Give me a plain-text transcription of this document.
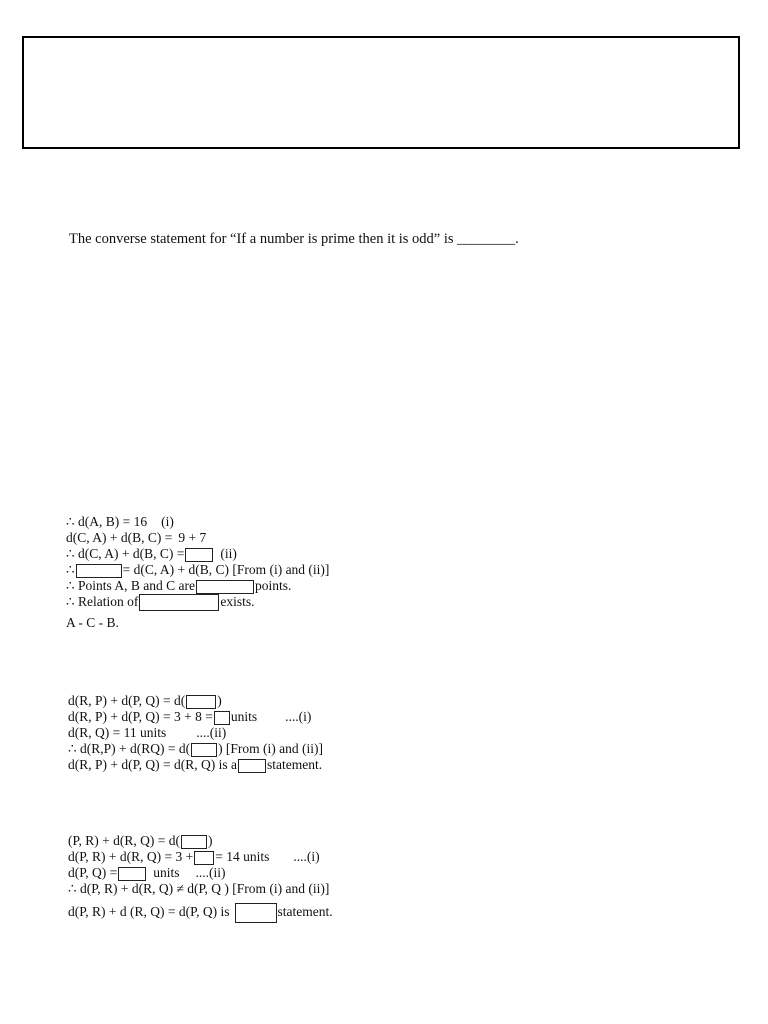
The converse statement for “If a number is prime then it is odd” is ________.
∴ d(A, B) = 16 (i)
d(C, A) + d(B, C) = 9 + 7
∴ d(C, A) + d(B, C) =	(ii)
∴	= d(C, A) + d(B, C) [From (i) and (ii)]
∴ Points A, B and C are	points.
∴ Relation of	exists.
A - C - B.
d(R, P) + d(P, Q) = d( )
d(R, P) + d(P, Q) = 3 + 8 = units ....(i)
d(R, Q) = 11 units ....(ii)
∴ d(R,P) + d(RQ) = d( ) [From (i) and (ii)]
d(R, P) + d(P, Q) = d(R, Q) is a statement.
(P, R) + d(R, Q) = d( )
d(P, R) + d(R, Q) = 3 + = 14 units ....(i)
d(P, Q) =	units ....(ii)
∴ d(P, R) + d(R, Q) ≠ d(P, Q ) [From (i) and (ii)]
d(P, R) + d (R, Q) = d(P, Q) is	statement.
